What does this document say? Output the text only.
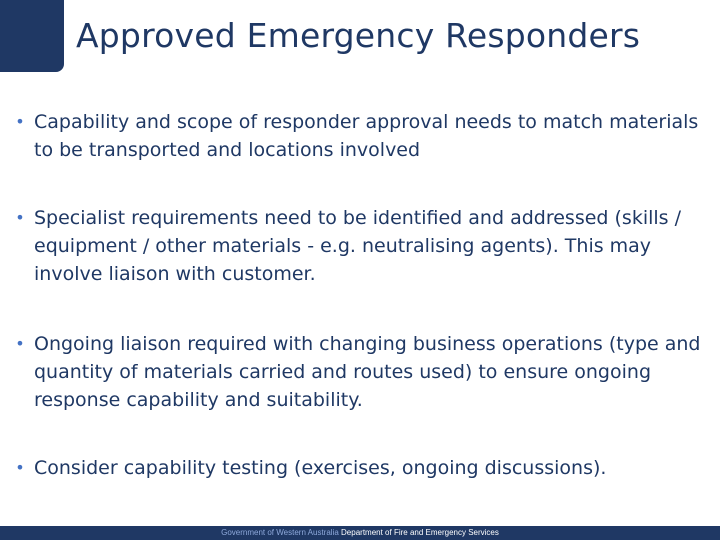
Approved Emergency Responders
• Capability and scope of responder approval needs to match materials to be transported and locations involved
• Specialist requirements need to be identified and addressed (skills / equipment / other materials - e.g. neutralising agents). This may involve liaison with customer.
• Ongoing liaison required with changing business operations (type and quantity of materials carried and routes used) to ensure ongoing response capability and suitability.
• Consider capability testing (exercises, ongoing discussions).
Government of Western Australia Department of Fire and Emergency Services
